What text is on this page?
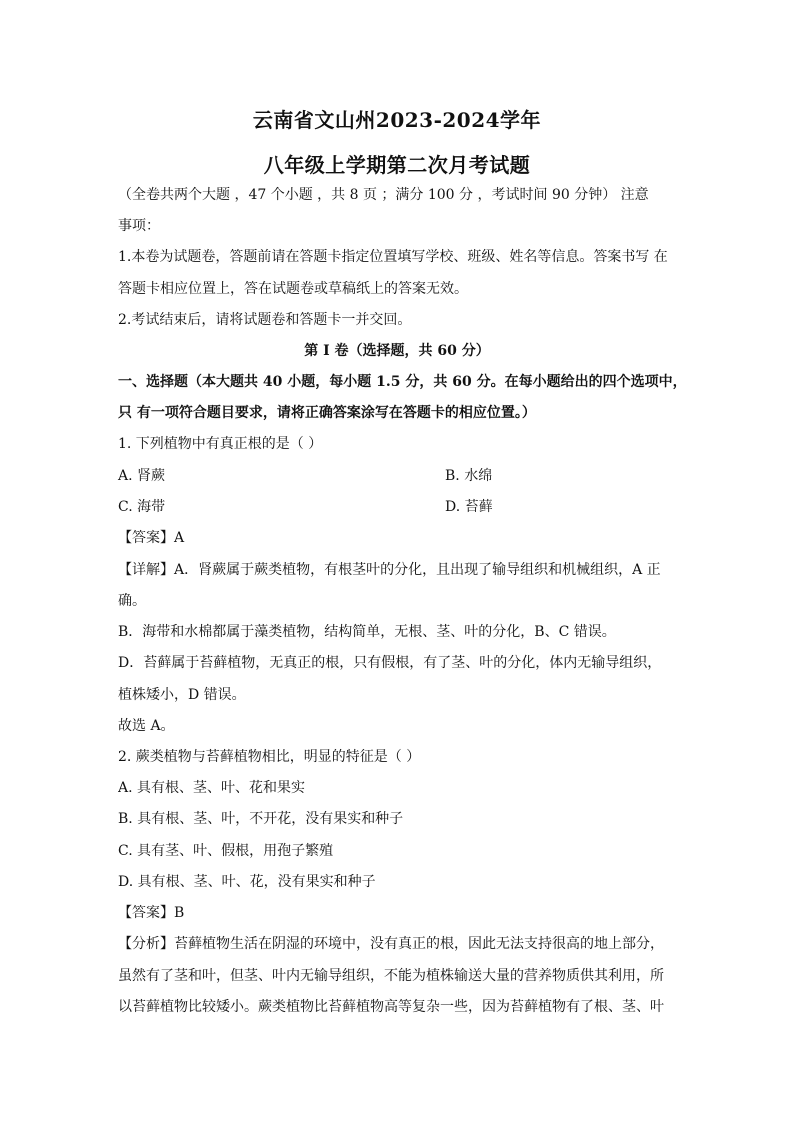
云南省文山州2023-2024学年
八年级上学期第二次月考试题
（全卷共两个大题 ，47 个小题 ，共 8 页 ；满分 100 分 ，考试时间 90 分钟） 注意
事项：
1.本卷为试题卷，答题前请在答题卡指定位置填写学校、班级、姓名等信息。答案书写 在
答题卡相应位置上，答在试题卷或草稿纸上的答案无效。
2.考试结束后，请将试题卷和答题卡一并交回。
第 I 卷（选择题，共 60 分）
一、选择题（本大题共 40 小题，每小题 1.5 分，共 60 分。在每小题给出的四个选项中，
只 有一项符合题目要求，请将正确答案涂写在答题卡的相应位置。）
1. 下列植物中有真正根的是（ ）
A. 肾蕨	B. 水绵
C. 海带	D. 苔藓
【答案】A
【详解】A．肾蕨属于蕨类植物，有根茎叶的分化，且出现了输导组织和机械组织，A 正
确。
B．海带和水棉都属于藻类植物，结构简单，无根、茎、叶的分化，B、C 错误。
D．苔藓属于苔藓植物，无真正的根，只有假根，有了茎、叶的分化，体内无输导组织，
植株矮小，D 错误。
故选 A。
2. 蕨类植物与苔藓植物相比，明显的特征是（ ）
A. 具有根、茎、叶、花和果实
B. 具有根、茎、叶，不开花，没有果实和种子
C. 具有茎、叶、假根，用孢子繁殖
D. 具有根、茎、叶、花，没有果实和种子
【答案】B
【分析】苔藓植物生活在阴湿的环境中，没有真正的根，因此无法支持很高的地上部分，
虽然有了茎和叶，但茎、叶内无输导组织，不能为植株输送大量的营养物质供其利用，所
以苔藓植物比较矮小。蕨类植物比苔藓植物高等复杂一些，因为苔藓植物有了根、茎、叶
